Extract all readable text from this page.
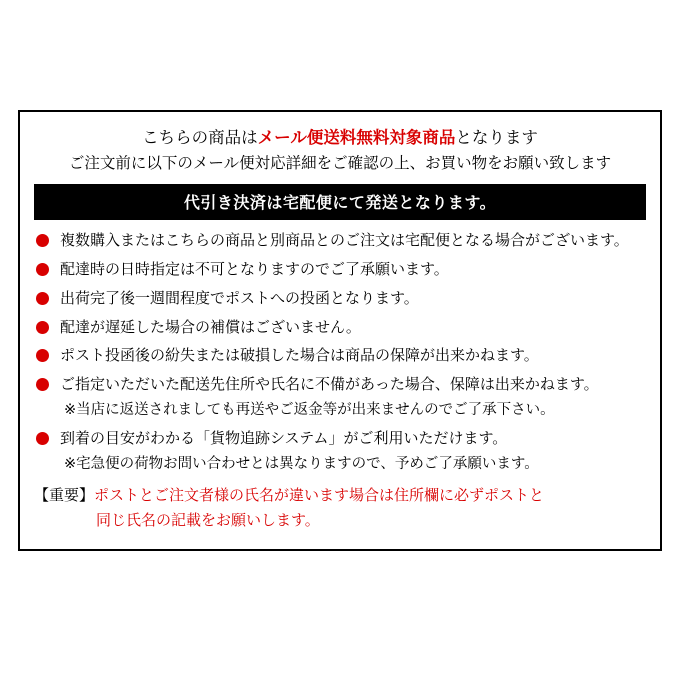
こちらの商品はメール便送料無料対象商品となります
ご注文前に以下のメール便対応詳細をご確認の上、お買い物をお願い致します
代引き決済は宅配便にて発送となります。
複数購入またはこちらの商品と別商品とのご注文は宅配便となる場合がございます。
配達時の日時指定は不可となりますのでご了承願います。
出荷完了後一週間程度でポストへの投函となります。
配達が遅延した場合の補償はございません。
ポスト投函後の紛失または破損した場合は商品の保障が出来かねます。
ご指定いただいた配送先住所や氏名に不備があった場合、保障は出来かねます。
※当店に返送されましても再送やご返金等が出来ませんのでご了承下さい。
到着の目安がわかる「貨物追跡システム」がご利用いただけます。
※宅急便の荷物お問い合わせとは異なりますので、予めご了承願います。
【重要】ポストとご注文者様の氏名が違います場合は住所欄に必ずポストと
同じ氏名の記載をお願いします。
